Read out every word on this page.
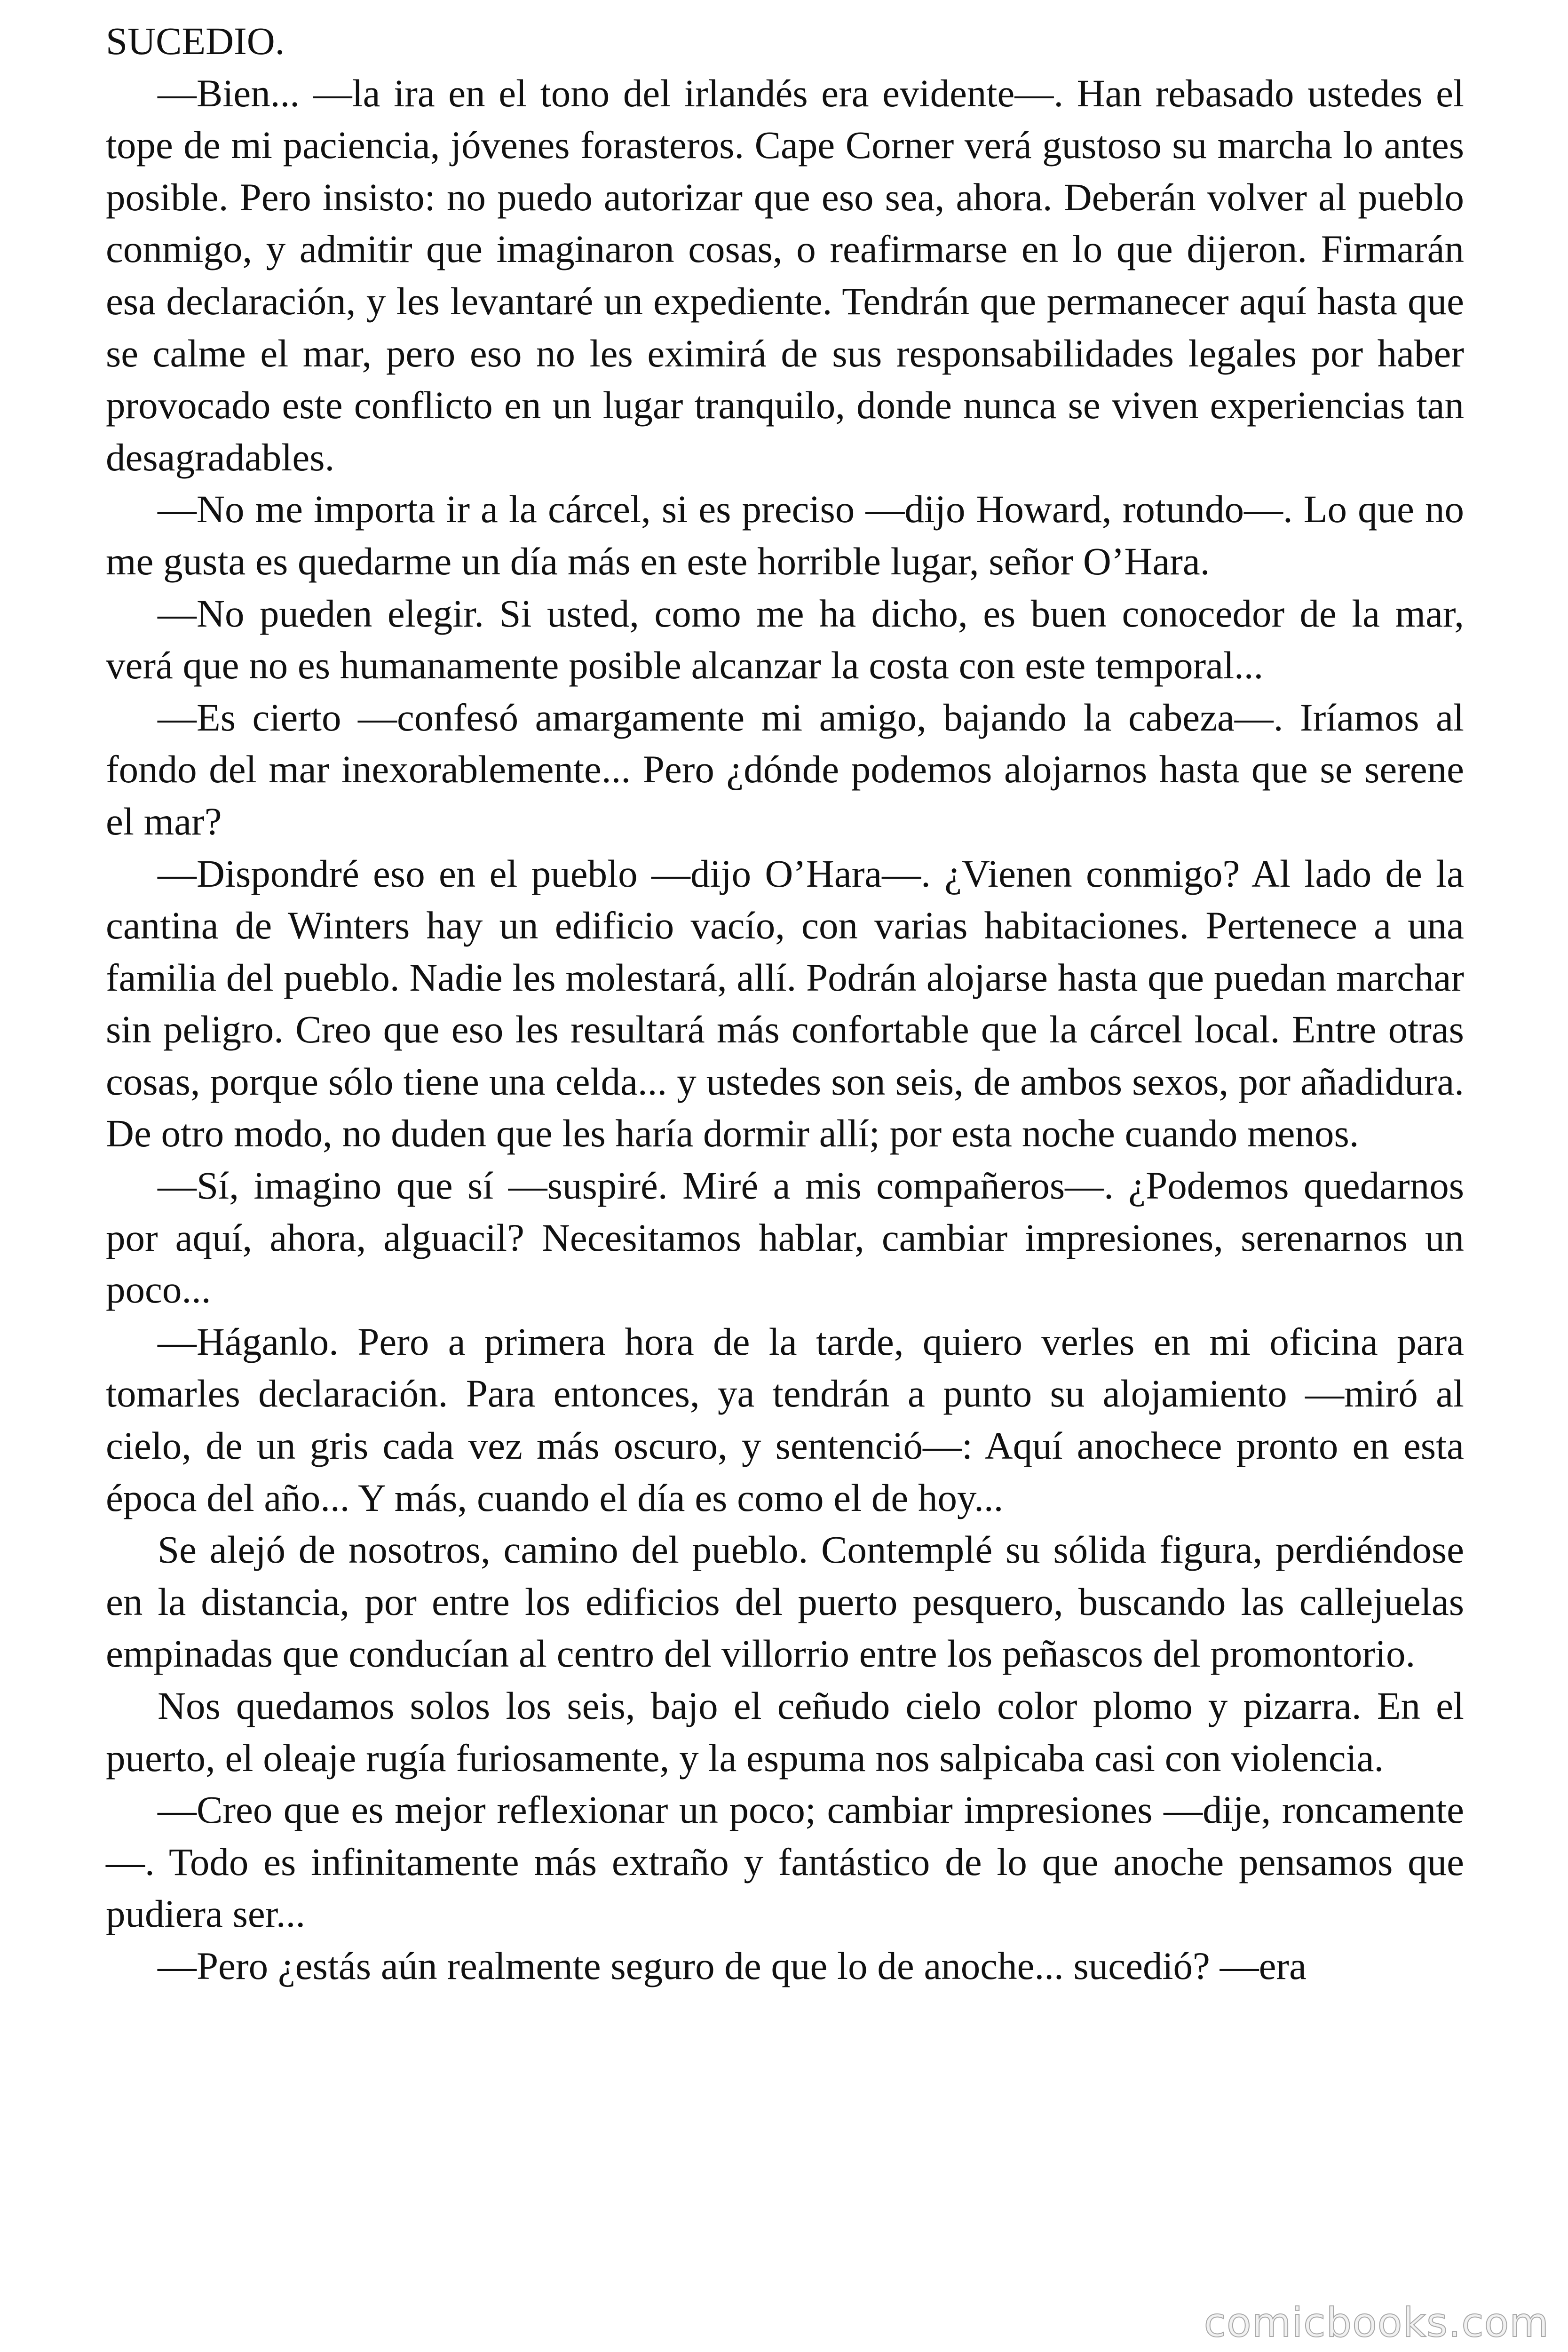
SUCEDIO.

—Bien... —la ira en el tono del irlandés era evidente—. Han rebasado ustedes el tope de mi paciencia, jóvenes forasteros. Cape Corner verá gustoso su marcha lo antes posible. Pero insisto: no puedo autorizar que eso sea, ahora. Deberán volver al pueblo conmigo, y admitir que imaginaron cosas, o reafirmarse en lo que dijeron. Firmarán esa declaración, y les levantaré un expediente. Tendrán que permanecer aquí hasta que se calme el mar, pero eso no les eximirá de sus responsabilidades legales por haber provocado este conflicto en un lugar tranquilo, donde nunca se viven experiencias tan desagradables.

—No me importa ir a la cárcel, si es preciso —dijo Howard, rotundo—. Lo que no me gusta es quedarme un día más en este horrible lugar, señor O’Hara.

—No pueden elegir. Si usted, como me ha dicho, es buen conocedor de la mar, verá que no es humanamente posible alcanzar la costa con este temporal...

—Es cierto —confesó amargamente mi amigo, bajando la cabeza—. Iríamos al fondo del mar inexorablemente... Pero ¿dónde podemos alojarnos hasta que se serene el mar?

—Dispondré eso en el pueblo —dijo O’Hara—. ¿Vienen conmigo? Al lado de la cantina de Winters hay un edificio vacío, con varias habitaciones. Pertenece a una familia del pueblo. Nadie les molestará, allí. Podrán alojarse hasta que puedan marchar sin peligro. Creo que eso les resultará más confortable que la cárcel local. Entre otras cosas, porque sólo tiene una celda... y ustedes son seis, de ambos sexos, por añadidura. De otro modo, no duden que les haría dormir allí; por esta noche cuando menos.

—Sí, imagino que sí —suspiré. Miré a mis compañeros—. ¿Podemos quedarnos por aquí, ahora, alguacil? Necesitamos hablar, cambiar impresiones, serenarnos un poco...

—Háganlo. Pero a primera hora de la tarde, quiero verles en mi oficina para tomarles declaración. Para entonces, ya tendrán a punto su alojamiento —miró al cielo, de un gris cada vez más oscuro, y sentenció—: Aquí anochece pronto en esta época del año... Y más, cuando el día es como el de hoy...

Se alejó de nosotros, camino del pueblo. Contemplé su sólida figura, perdiéndose en la distancia, por entre los edificios del puerto pesquero, buscando las callejuelas empinadas que conducían al centro del villorrio entre los peñascos del promontorio.

Nos quedamos solos los seis, bajo el ceñudo cielo color plomo y pizarra. En el puerto, el oleaje rugía furiosamente, y la espuma nos salpicaba casi con violencia.

—Creo que es mejor reflexionar un poco; cambiar impresiones —dije, roncamente—. Todo es infinitamente más extraño y fantástico de lo que anoche pensamos que pudiera ser...

—Pero ¿estás aún realmente seguro de que lo de anoche... sucedió? —era

comicbooks.com
